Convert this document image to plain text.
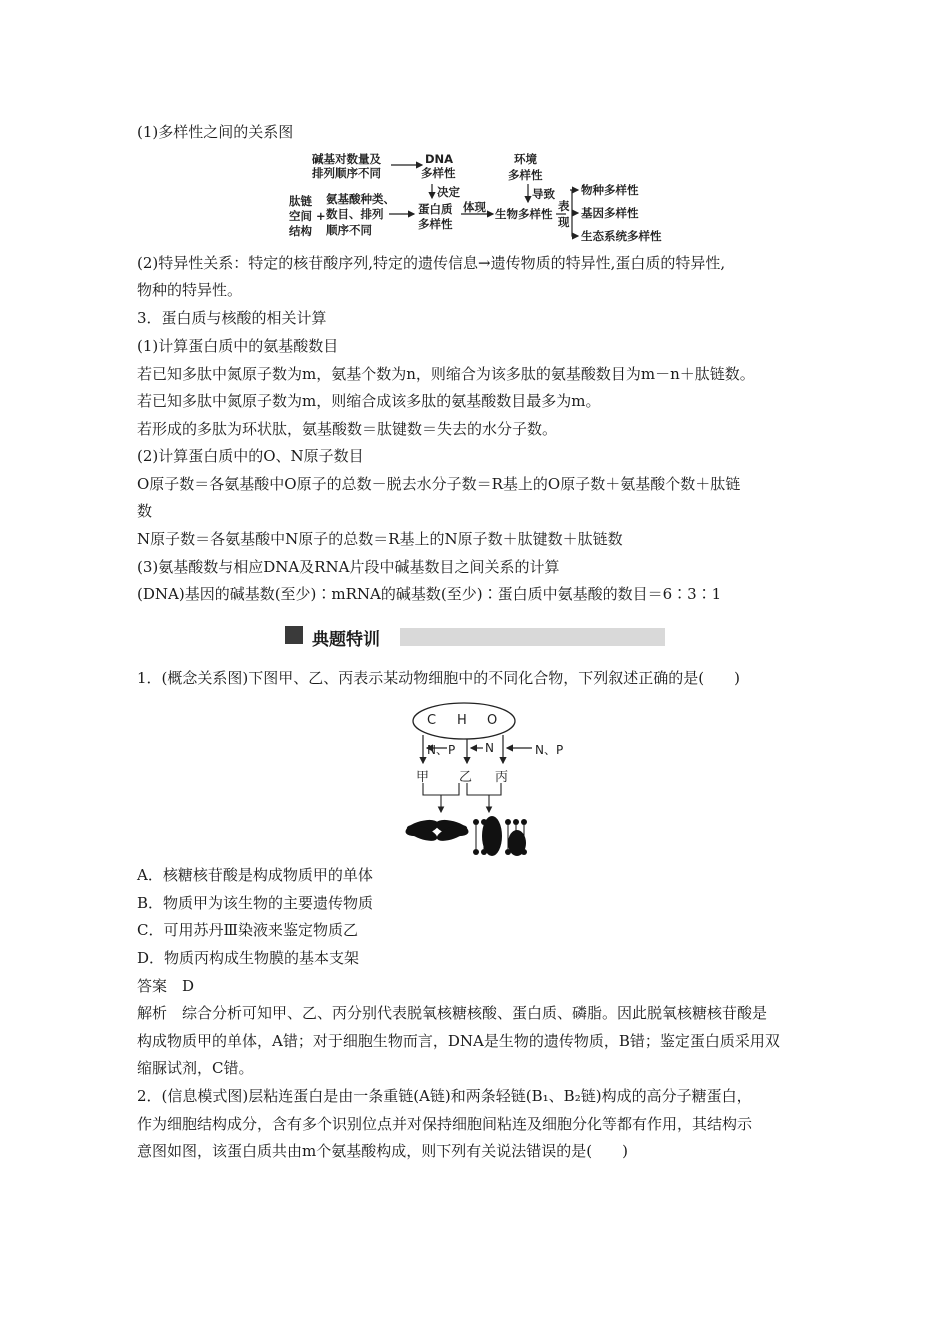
(1)多样性之间的关系图
碱基对数量及
排列顺序不同
DNA
多样性
环境
多样性
决定	导致
肽链
空间 +
结构
氨基酸种类、
数目、排列
顺序不同
蛋白质
多样性
体现 生物多样性
表
现
物种多样性
基因多样性
生态系统多样性
(2)特异性关系：特定的核苷酸序列,特定的遗传信息→遗传物质的特异性,蛋白质的特异性,
物种的特异性。
3．蛋白质与核酸的相关计算
(1)计算蛋白质中的氨基酸数目
若已知多肽中氮原子数为m，氨基个数为n，则缩合为该多肽的氨基酸数目为m－n＋肽链数。
若已知多肽中氮原子数为m，则缩合成该多肽的氨基酸数目最多为m。
若形成的多肽为环状肽，氨基酸数＝肽键数＝失去的水分子数。
(2)计算蛋白质中的O、N原子数目
O原子数＝各氨基酸中O原子的总数－脱去水分子数＝R基上的O原子数＋氨基酸个数＋肽链
数
N原子数＝各氨基酸中N原子的总数＝R基上的N原子数＋肽键数＋肽链数
(3)氨基酸数与相应DNA及RNA片段中碱基数目之间关系的计算
(DNA)基因的碱基数(至少)∶mRNA的碱基数(至少)∶蛋白质中氨基酸的数目＝6∶3∶1
典题特训
1．(概念关系图)下图甲、乙、丙表示某动物细胞中的不同化合物，下列叙述正确的是(　　)
C H O
N、P N	N、P
甲 乙 丙
A．核糖核苷酸是构成物质甲的单体
B．物质甲为该生物的主要遗传物质
C．可用苏丹Ⅲ染液来鉴定物质乙
D．物质丙构成生物膜的基本支架
答案　D
解析　综合分析可知甲、乙、丙分别代表脱氧核糖核酸、蛋白质、磷脂。因此脱氧核糖核苷酸是
构成物质甲的单体，A错；对于细胞生物而言，DNA是生物的遗传物质，B错；鉴定蛋白质采用双
缩脲试剂，C错。
2．(信息模式图)层粘连蛋白是由一条重链(A链)和两条轻链(B₁、B₂链)构成的高分子糖蛋白，
作为细胞结构成分，含有多个识别位点并对保持细胞间粘连及细胞分化等都有作用，其结构示
意图如图，该蛋白质共由m个氨基酸构成，则下列有关说法错误的是(　　)
